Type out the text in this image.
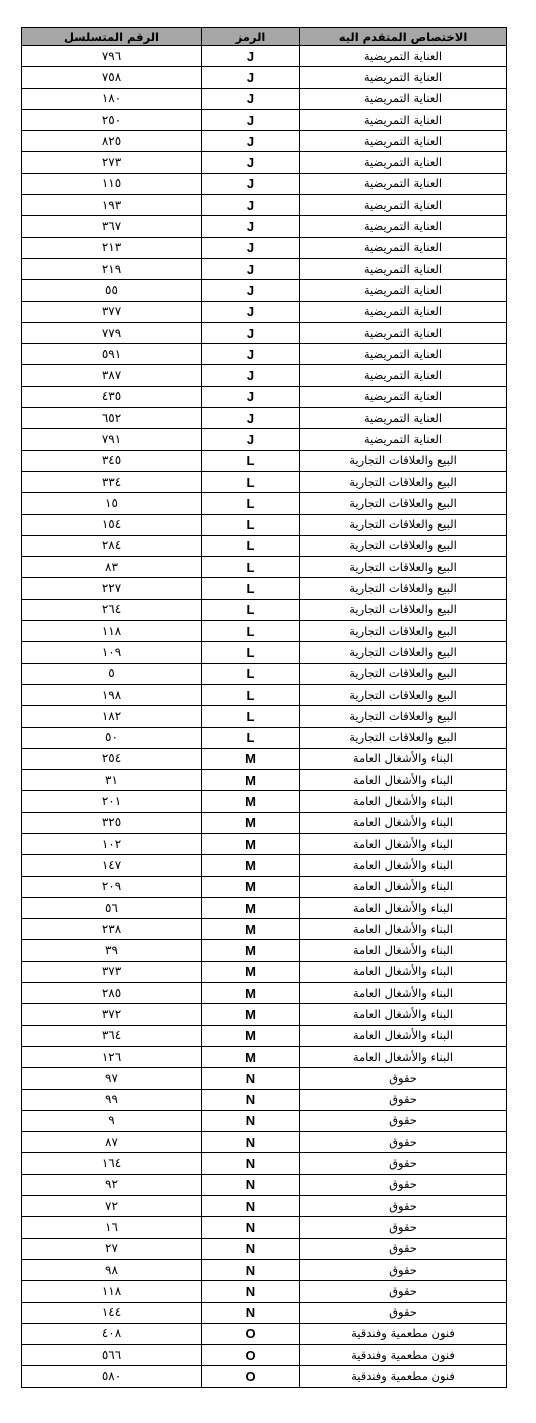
الرقم المتسلسل	الرمز	الاختصاص المتقدم اليه
٧٩٦	J	العناية التمريضية
٧٥٨	J	العناية التمريضية
١٨٠	J	العناية التمريضية
٢٥٠	J	العناية التمريضية
٨٢٥	J	العناية التمريضية
٢٧٣	J	العناية التمريضية
١١٥	J	العناية التمريضية
١٩٣	J	العناية التمريضية
٣٦٧	J	العناية التمريضية
٢١٣	J	العناية التمريضية
٢١٩	J	العناية التمريضية
٥٥	J	العناية التمريضية
٣٧٧	J	العناية التمريضية
٧٧٩	J	العناية التمريضية
٥٩١	J	العناية التمريضية
٣٨٧	J	العناية التمريضية
٤٣٥	J	العناية التمريضية
٦٥٢	J	العناية التمريضية
٧٩١	J	العناية التمريضية
٣٤٥	L	البيع والعلاقات التجارية
٣٣٤	L	البيع والعلاقات التجارية
١٥	L	البيع والعلاقات التجارية
١٥٤	L	البيع والعلاقات التجارية
٢٨٤	L	البيع والعلاقات التجارية
٨٣	L	البيع والعلاقات التجارية
٢٢٧	L	البيع والعلاقات التجارية
٢٦٤	L	البيع والعلاقات التجارية
١١٨	L	البيع والعلاقات التجارية
١٠٩	L	البيع والعلاقات التجارية
٥	L	البيع والعلاقات التجارية
١٩٨	L	البيع والعلاقات التجارية
١٨٢	L	البيع والعلاقات التجارية
٥٠	L	البيع والعلاقات التجارية
٢٥٤	M	البناء والأشغال العامة
٣١	M	البناء والأشغال العامة
٢٠١	M	البناء والأشغال العامة
٣٢٥	M	البناء والأشغال العامة
١٠٢	M	البناء والأشغال العامة
١٤٧	M	البناء والأشغال العامة
٢٠٩	M	البناء والأشغال العامة
٥٦	M	البناء والأشغال العامة
٢٣٨	M	البناء والأشغال العامة
٣٩	M	البناء والأشغال العامة
٣٧٣	M	البناء والأشغال العامة
٢٨٥	M	البناء والأشغال العامة
٣٧٢	M	البناء والأشغال العامة
٣٦٤	M	البناء والأشغال العامة
١٢٦	M	البناء والأشغال العامة
٩٧	N	حقوق
٩٩	N	حقوق
٩	N	حقوق
٨٧	N	حقوق
١٦٤	N	حقوق
٩٢	N	حقوق
٧٢	N	حقوق
١٦	N	حقوق
٢٧	N	حقوق
٩٨	N	حقوق
١١٨	N	حقوق
١٤٤	N	حقوق
٤٠٨	O	فنون مطعمية وفندقية
٥٦٦	O	فنون مطعمية وفندقية
٥٨٠	O	فنون مطعمية وفندقية
